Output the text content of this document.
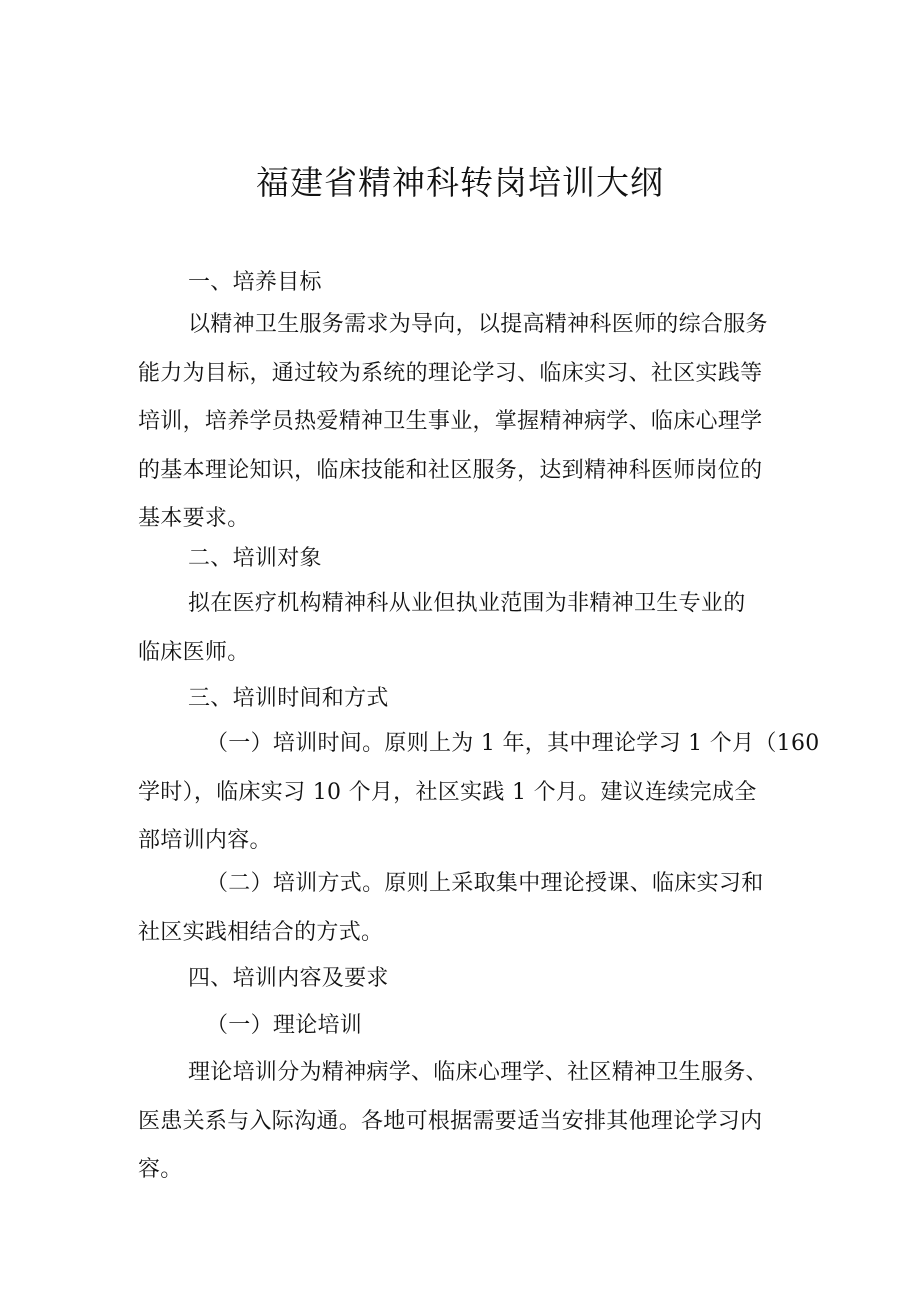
福建省精神科转岗培训大纲

一、培养目标

以精神卫生服务需求为导向，以提高精神科医师的综合服务
能力为目标，通过较为系统的理论学习、临床实习、社区实践等
培训，培养学员热爱精神卫生事业，掌握精神病学、临床心理学
的基本理论知识，临床技能和社区服务，达到精神科医师岗位的
基本要求。

二、培训对象

拟在医疗机构精神科从业但执业范围为非精神卫生专业的
临床医师。

三、培训时间和方式

（一）培训时间。原则上为 1 年，其中理论学习 1 个月（160
学时），临床实习 10 个月，社区实践 1 个月。建议连续完成全
部培训内容。

（二）培训方式。原则上采取集中理论授课、临床实习和
社区实践相结合的方式。

四、培训内容及要求

（一）理论培训

理论培训分为精神病学、临床心理学、社区精神卫生服务、
医患关系与入际沟通。各地可根据需要适当安排其他理论学习内
容。
